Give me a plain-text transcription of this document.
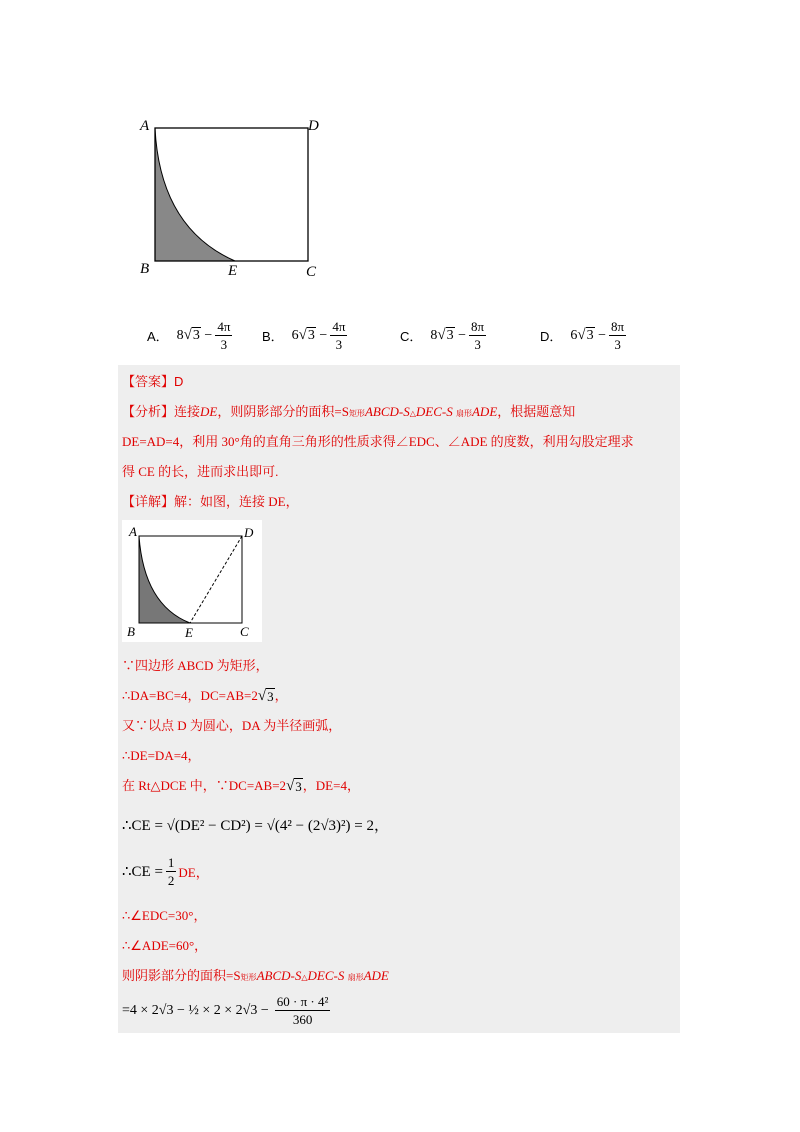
A	D
B	E	C
A． 8 √ $3 - \frac{4\pi}{3}$ B． 6 √ $3 - \frac{4\pi}{3}$	C． 8 √ $3 - \frac{8\pi}{3}$	D． 6 √ $3 - \frac{8\pi}{3}$
【答案】D
【分析】连接DE，则阴影部分的面积=S矩形ABCD-S△DEC-S 扇形ADE，根据题意知
DE=AD=4，利用 30°角的直角三角形的性质求得∠EDC、∠ADE 的度数，利用勾股定理求
得 CE 的长，进而求出即可.
【详解】解：如图，连接 DE，
A	D
B	E	C
∵四边形 ABCD 为矩形，
∴DA=BC=4，DC=AB=2 √ 3 ，
又∵以点 D 为圆心，DA 为半径画弧，
∴DE=DA=4，
在 Rt△DCE 中，∵DC=AB=2 √ 3 ，DE=4，
∴CE = √(DE² − CD²) = √(4² − (2√3)²) = 2，
∴CE = $\frac{1}{2}$ DE，
∴∠EDC=30°，
∴∠ADE=60°，
则阴影部分的面积=S矩形ABCD-S△DEC-S 扇形ADE
=4 × 2√3 − ½ × $2 \times 2√3 - \frac{\text{60 · π · 4²}}{360}$
